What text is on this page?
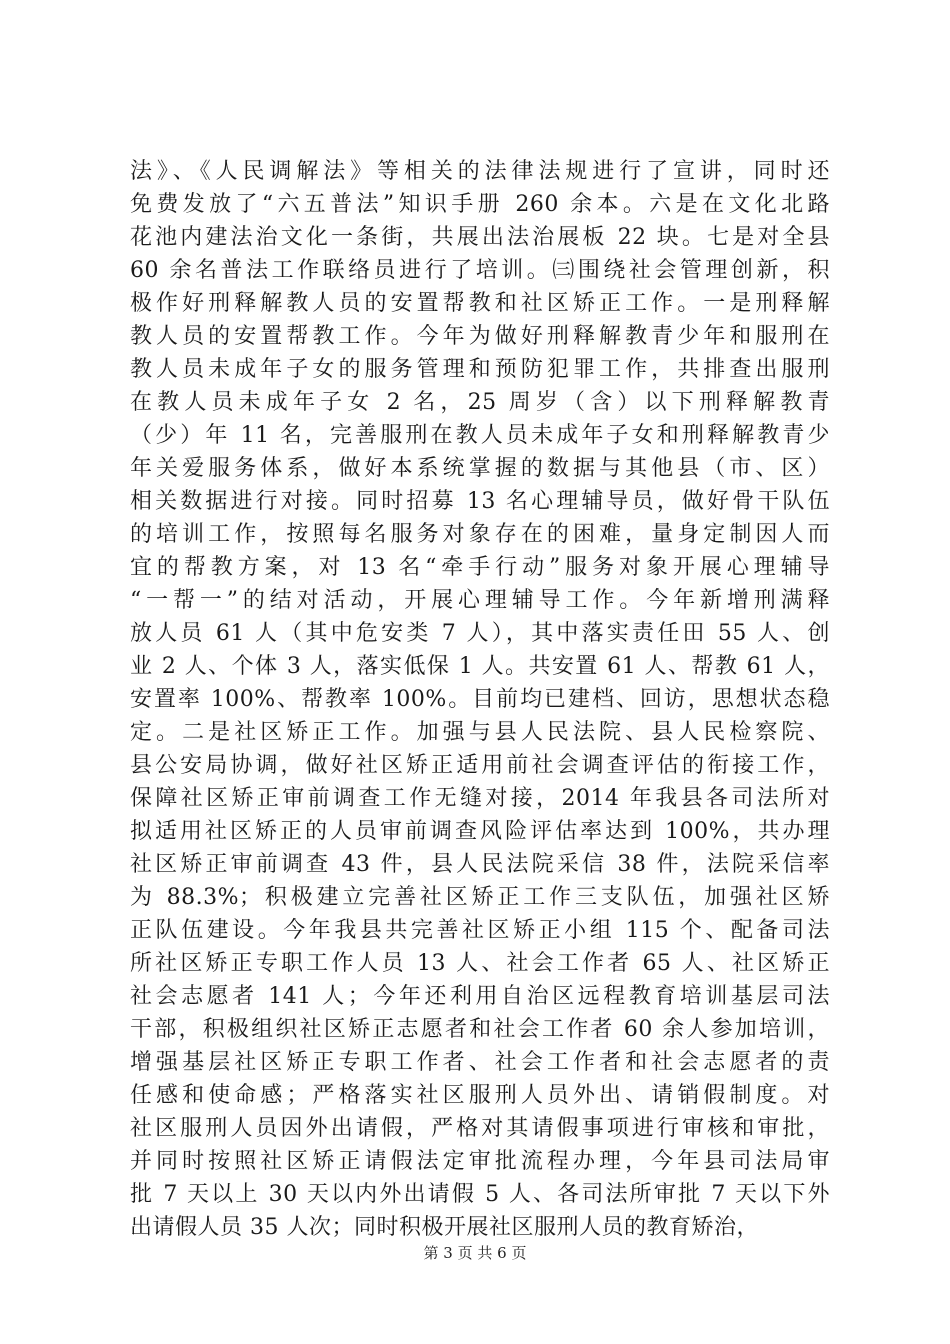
法》、《人民调解法》等相关的法律法规进行了宣讲，同时还
免费发放了“六五普法”知识手册 260 余本。六是在文化北路
花池内建法治文化一条街，共展出法治展板 22 块。七是对全县
60 余名普法工作联络员进行了培训。㈢围绕社会管理创新，积
极作好刑释解教人员的安置帮教和社区矫正工作。一是刑释解
教人员的安置帮教工作。今年为做好刑释解教青少年和服刑在
教人员未成年子女的服务管理和预防犯罪工作，共排查出服刑
在教人员未成年子女 2 名，25 周岁（含）以下刑释解教青
（少）年 11 名，完善服刑在教人员未成年子女和刑释解教青少
年关爱服务体系，做好本系统掌握的数据与其他县（市、区）
相关数据进行对接。同时招募 13 名心理辅导员，做好骨干队伍
的培训工作，按照每名服务对象存在的困难，量身定制因人而
宜的帮教方案，对 13 名“牵手行动”服务对象开展心理辅导
“一帮一”的结对活动，开展心理辅导工作。今年新增刑满释
放人员 61 人（其中危安类 7 人），其中落实责任田 55 人、创
业 2 人、个体 3 人，落实低保 1 人。共安置 61 人、帮教 61 人，
安置率 100%、帮教率 100%。目前均已建档、回访，思想状态稳
定。二是社区矫正工作。加强与县人民法院、县人民检察院、
县公安局协调，做好社区矫正适用前社会调查评估的衔接工作，
保障社区矫正审前调查工作无缝对接，2014 年我县各司法所对
拟适用社区矫正的人员审前调查风险评估率达到 100%，共办理
社区矫正审前调查 43 件，县人民法院采信 38 件，法院采信率
为 88.3%；积极建立完善社区矫正工作三支队伍，加强社区矫
正队伍建设。今年我县共完善社区矫正小组 115 个、配备司法
所社区矫正专职工作人员 13 人、社会工作者 65 人、社区矫正
社会志愿者 141 人；今年还利用自治区远程教育培训基层司法
干部，积极组织社区矫正志愿者和社会工作者 60 余人参加培训，
增强基层社区矫正专职工作者、社会工作者和社会志愿者的责
任感和使命感；严格落实社区服刑人员外出、请销假制度。对
社区服刑人员因外出请假，严格对其请假事项进行审核和审批，
并同时按照社区矫正请假法定审批流程办理，今年县司法局审
批 7 天以上 30 天以内外出请假 5 人、各司法所审批 7 天以下外
出请假人员 35 人次；同时积极开展社区服刑人员的教育矫治，
第 3 页 共 6 页
